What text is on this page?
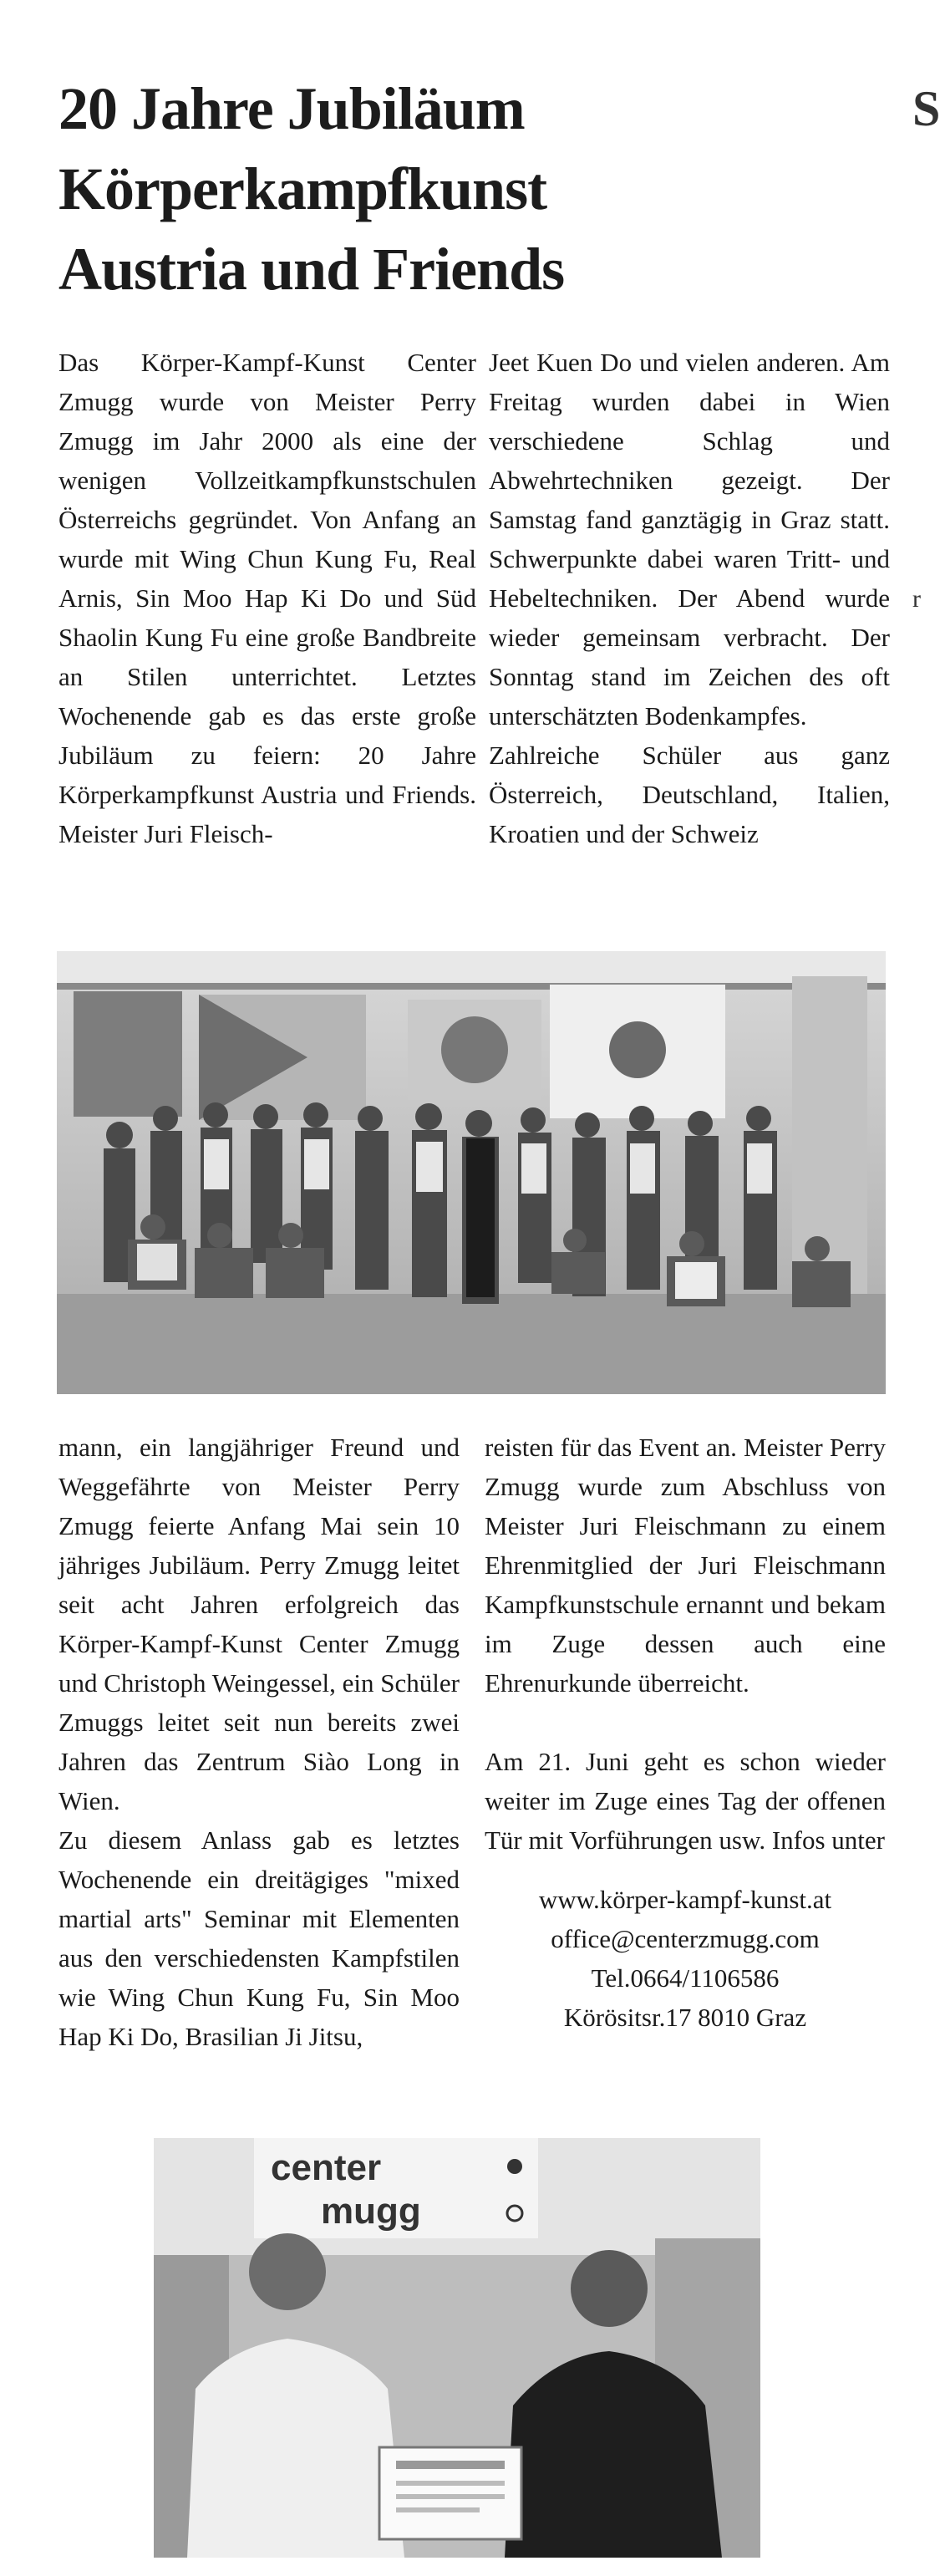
20 Jahre Jubiläum
Körperkampfkunst
Austria und Friends
S
r

Das Körper-Kampf-Kunst Center Zmugg wurde von Meister Perry Zmugg im Jahr 2000 als eine der wenigen Vollzeitkampfkunstschulen Österreichs gegründet. Von Anfang an wurde mit Wing Chun Kung Fu, Real Arnis, Sin Moo Hap Ki Do und Süd Shaolin Kung Fu eine große Bandbreite an Stilen unterrichtet. Letztes Wochenende gab es das erste große Jubiläum zu feiern: 20 Jahre Körperkampfkunst Austria und Friends. Meister Juri Fleisch-

Jeet Kuen Do und vielen anderen. Am Freitag wurden dabei in Wien verschiedene Schlag und Abwehrtechniken gezeigt. Der Samstag fand ganztägig in Graz statt. Schwerpunkte dabei waren Tritt- und Hebeltechniken. Der Abend wurde wieder gemeinsam verbracht. Der Sonntag stand im Zeichen des oft unterschätzten Bodenkampfes.

Zahlreiche Schüler aus ganz Österreich, Deutschland, Italien, Kroatien und der Schweiz

mann, ein langjähriger Freund und Weggefährte von Meister Perry Zmugg feierte Anfang Mai sein 10 jähriges Jubiläum. Perry Zmugg leitet seit acht Jahren erfolgreich das Körper-Kampf-Kunst Center Zmugg und Christoph Weingessel, ein Schüler Zmuggs leitet seit nun bereits zwei Jahren das Zentrum Siào Long in Wien.

Zu diesem Anlass gab es letztes Wochenende ein dreitägiges "mixed martial arts" Seminar mit Elementen aus den verschiedensten Kampfstilen wie Wing Chun Kung Fu, Sin Moo Hap Ki Do, Brasilian Ji Jitsu,

reisten für das Event an. Meister Perry Zmugg wurde zum Abschluss von Meister Juri Fleischmann zu einem Ehrenmitglied der Juri Fleischmann Kampfkunstschule ernannt und bekam im Zuge dessen auch eine Ehrenurkunde überreicht.

Am 21. Juni geht es schon wieder weiter im Zuge eines Tag der offenen Tür mit Vorführungen usw. Infos unter

www.körper-kampf-kunst.at
office@centerzmugg.com
Tel.0664/1106586
Körösitsr.17 8010 Graz
center
mugg
